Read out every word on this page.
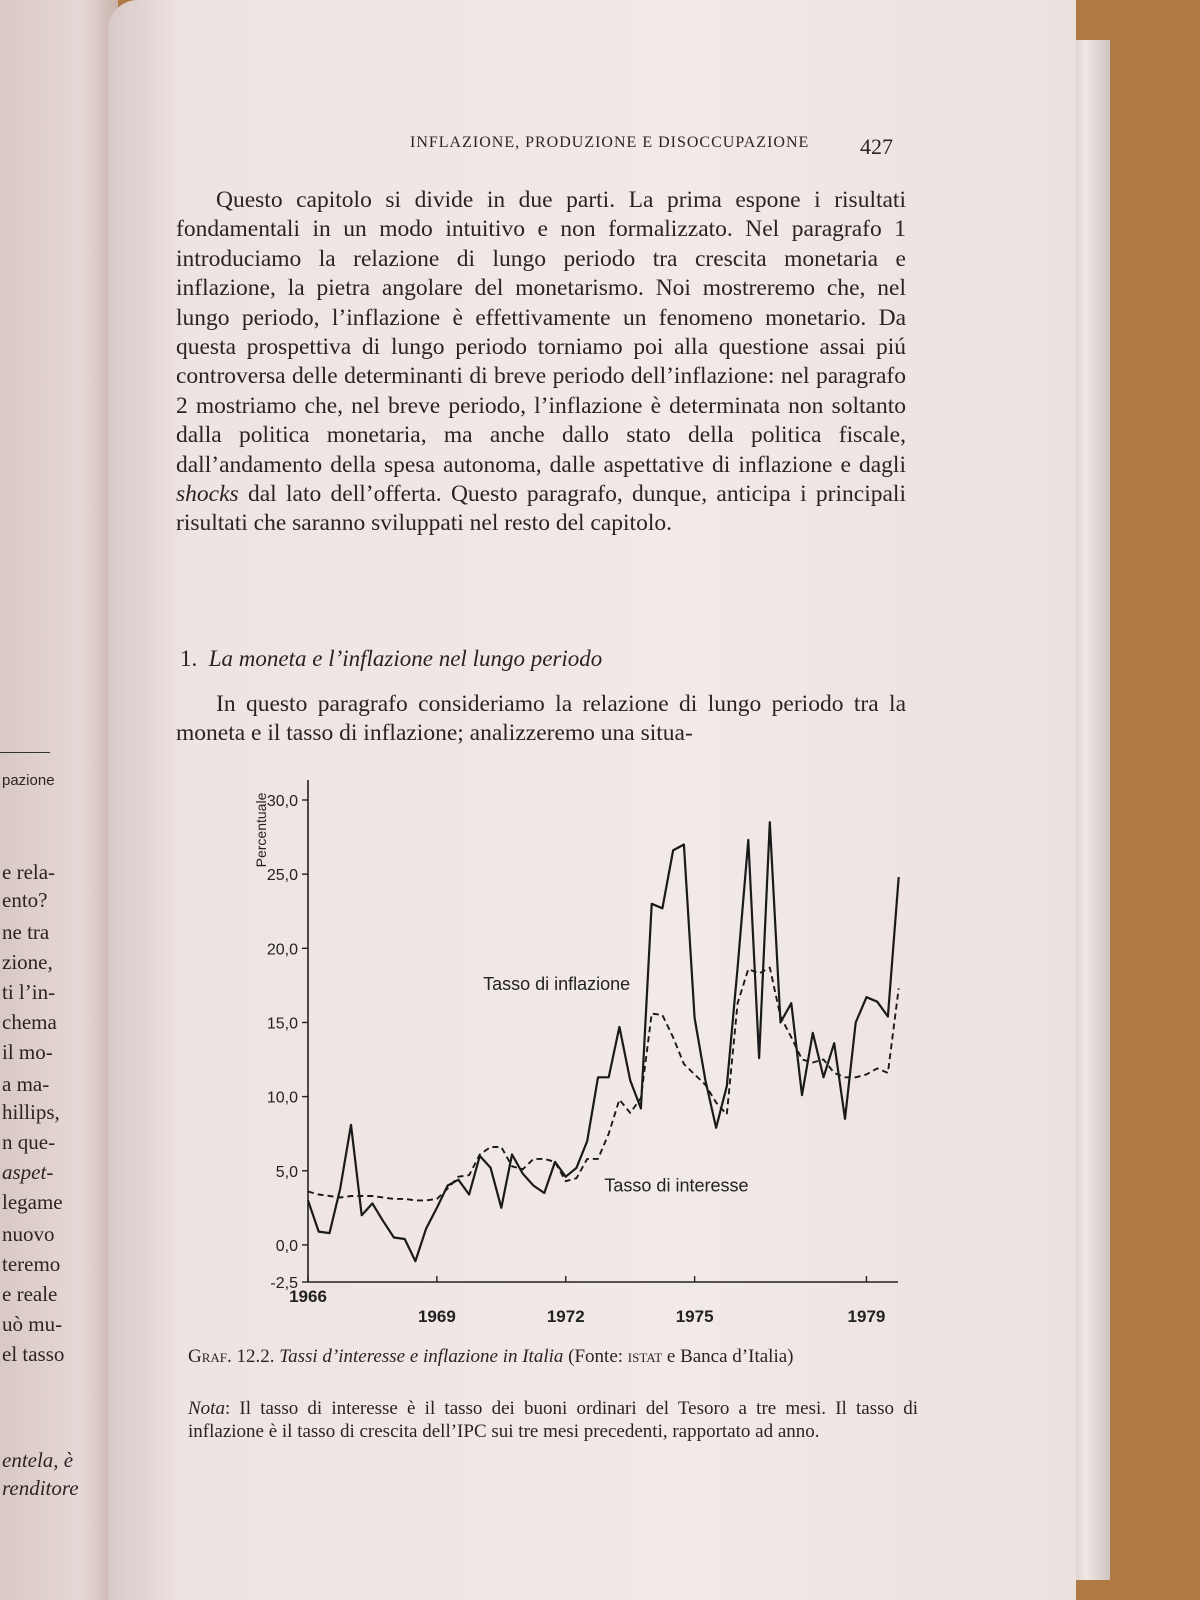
pazione
e rela-
ento?
ne tra
zione,
ti l’in-
chema
il mo-
a ma-
hillips,
n que-
aspet-
legame
nuovo
teremo
e reale
uò mu-
el tasso
entela, è
renditore
INFLAZIONE, PRODUZIONE E DISOCCUPAZIONE 427

Questo capitolo si divide in due parti. La prima espone i risultati fondamentali in un modo intuitivo e non formalizzato. Nel paragrafo 1 introduciamo la relazione di lungo periodo tra crescita monetaria e inflazione, la pietra angolare del monetarismo. Noi mostreremo che, nel lungo periodo, l’inflazione è effettivamente un fenomeno monetario. Da questa prospettiva di lungo periodo torniamo poi alla questione assai piú controversa delle determinanti di breve periodo dell’inflazione: nel paragrafo 2 mostriamo che, nel breve periodo, l’inflazione è determinata non soltanto dalla politica monetaria, ma anche dallo stato della politica fiscale, dall’andamento della spesa autonoma, dalle aspettative di inflazione e dagli shocks dal lato dell’offerta. Questo paragrafo, dunque, anticipa i principali risultati che saranno sviluppati nel resto del capitolo.

1. La moneta e l’inflazione nel lungo periodo

In questo paragrafo consideriamo la relazione di lungo periodo tra la moneta e il tasso di inflazione; analizzeremo una situa-

30,0
25,0
20,0
15,0
10,0
5,0
0,0
-2,5
1966
1969	1972	1975	1979
Percentuale
Tasso di inflazione
Tasso di interesse
Graf. 12.2. Tassi d’interesse e inflazione in Italia (Fonte: istat e Banca d’Italia)
Nota: Il tasso di interesse è il tasso dei buoni ordinari del Tesoro a tre mesi. Il tasso di inflazione è il tasso di crescita dell’IPC sui tre mesi precedenti, rapportato ad anno.
